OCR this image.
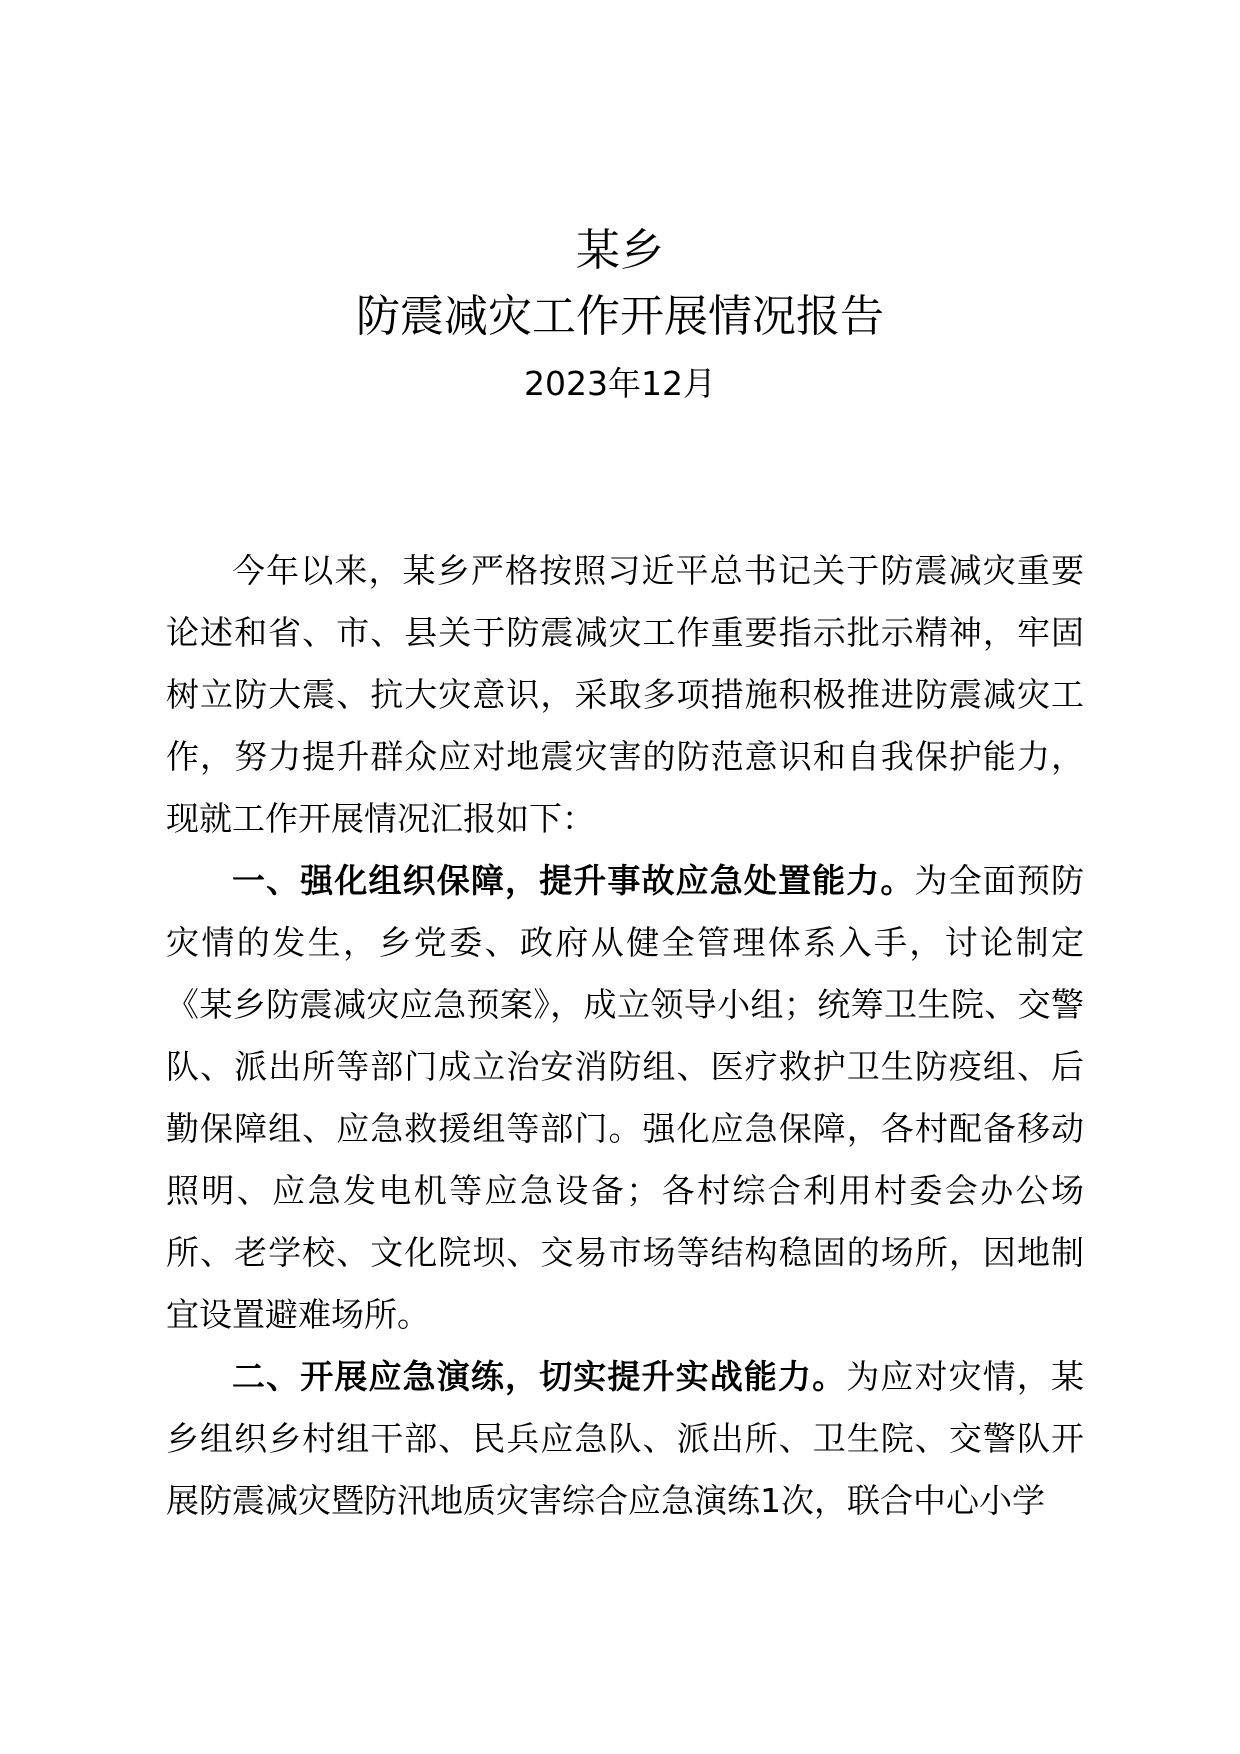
某乡
防震减灾工作开展情况报告
2023年12月

今年以来，某乡严格按照习近平总书记关于防震减灾重要论述和省、市、县关于防震减灾工作重要指示批示精神，牢固树立防大震、抗大灾意识，采取多项措施积极推进防震减灾工作，努力提升群众应对地震灾害的防范意识和自我保护能力，现就工作开展情况汇报如下：

一、强化组织保障，提升事故应急处置能力。为全面预防灾情的发生，乡党委、政府从健全管理体系入手，讨论制定《某乡防震减灾应急预案》，成立领导小组；统筹卫生院、交警队、派出所等部门成立治安消防组、医疗救护卫生防疫组、后勤保障组、应急救援组等部门。强化应急保障，各村配备移动照明、应急发电机等应急设备；各村综合利用村委会办公场所、老学校、文化院坝、交易市场等结构稳固的场所，因地制宜设置避难场所。

二、开展应急演练，切实提升实战能力。为应对灾情，某乡组织乡村组干部、民兵应急队、派出所、卫生院、交警队开展防震减灾暨防汛地质灾害综合应急演练1次，联合中心小学
